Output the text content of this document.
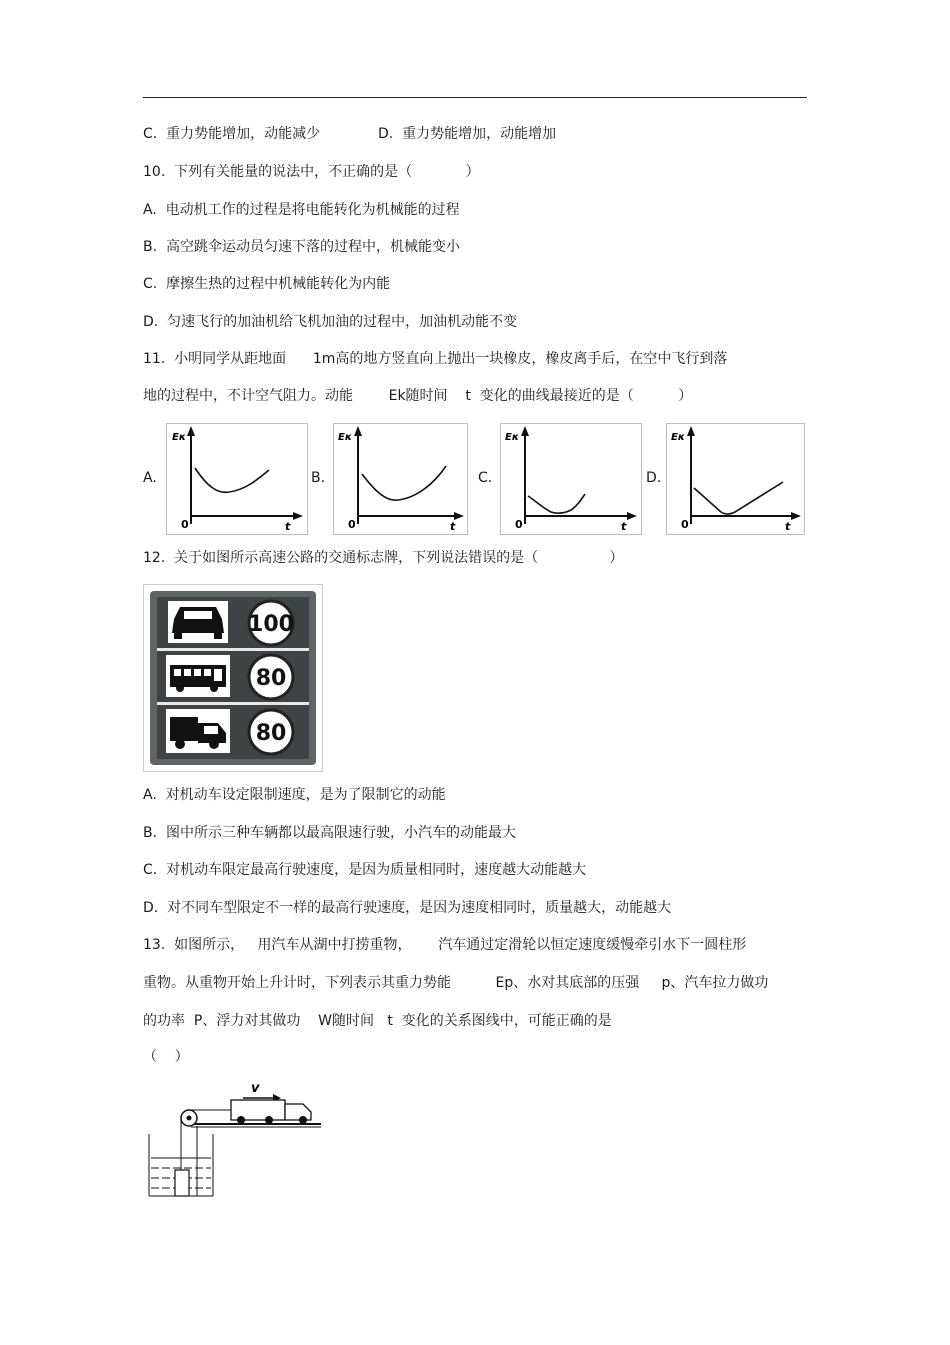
C.  重力势能增加，动能减少	D.  重力势能增加，动能增加
10.  下列有关能量的说法中，不正确的是（            ）
A.  电动机工作的过程是将电能转化为机械能的过程
B.  高空跳伞运动员匀速下落的过程中，机械能变小
C.  摩擦生热的过程中机械能转化为内能
D.  匀速飞行的加油机给飞机加油的过程中，加油机动能不变
11.  小明同学从距地面      1m高的地方竖直向上抛出一块橡皮，橡皮离手后，在空中飞行到落
地的过程中，不计空气阻力。动能        Ek随时间    t  变化的曲线最接近的是（          ）
A.
Eκ
0	t
B.
Eκ
0	t
C.
Eκ
0	t
D.
Eκ
0	t
12.  关于如图所示高速公路的交通标志牌，下列说法错误的是（                ）
100
80
80
A.  对机动车设定限制速度，是为了限制它的动能
B.  图中所示三种车辆都以最高限速行驶，小汽车的动能最大
C.  对机动车限定最高行驶速度，是因为质量相同时，速度越大动能越大
D.  对不同车型限定不一样的最高行驶速度，是因为速度相同时，质量越大，动能越大
13.  如图所示，   用汽车从湖中打捞重物，      汽车通过定滑轮以恒定速度缓慢牵引水下一圆柱形
重物。从重物开始上升计时，下列表示其重力势能          Ep、水对其底部的压强     p、汽车拉力做功
的功率  P、浮力对其做功    W随时间   t  变化的关系图线中，可能正确的是
（    ）
v
